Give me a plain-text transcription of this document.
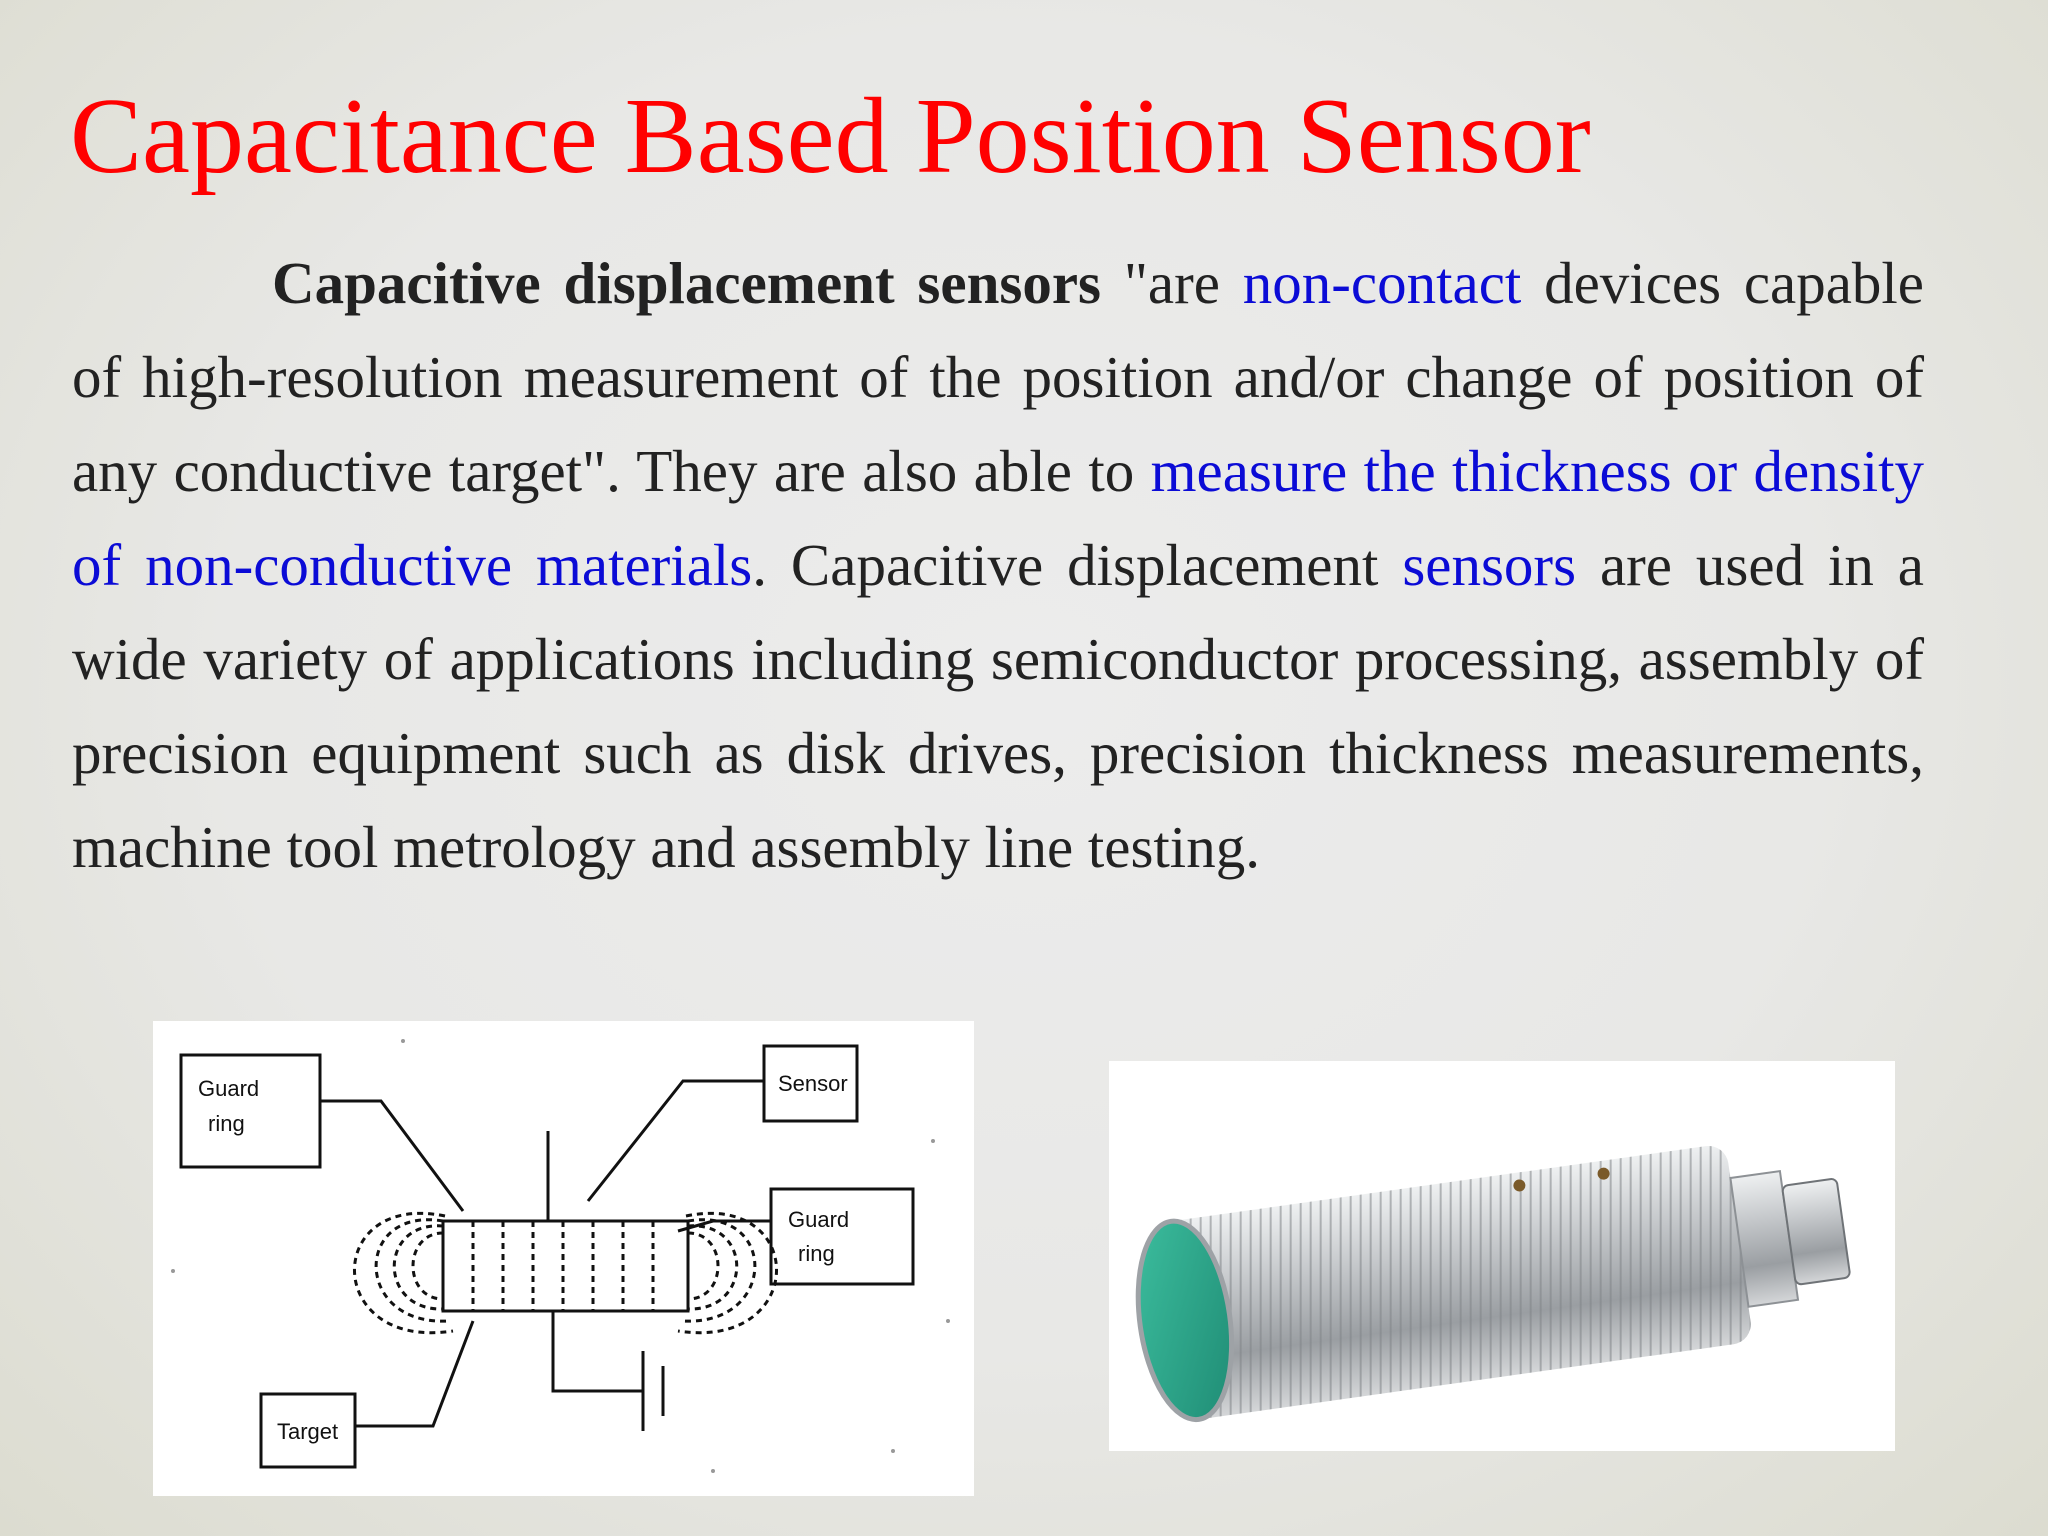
Capacitance Based Position Sensor

Capacitive displacement sensors "are non-contact devices capable of high-resolution measurement of the position and/or change of position of any conductive target". They are also able to measure the thickness or density of non-conductive materials. Capacitive displacement sensors are used in a wide variety of applications including semiconductor processing, assembly of precision equipment such as disk drives, precision thickness measurements, machine tool metrology and assembly line testing.

Guard
ring
Sensor
Guard
ring
Target
